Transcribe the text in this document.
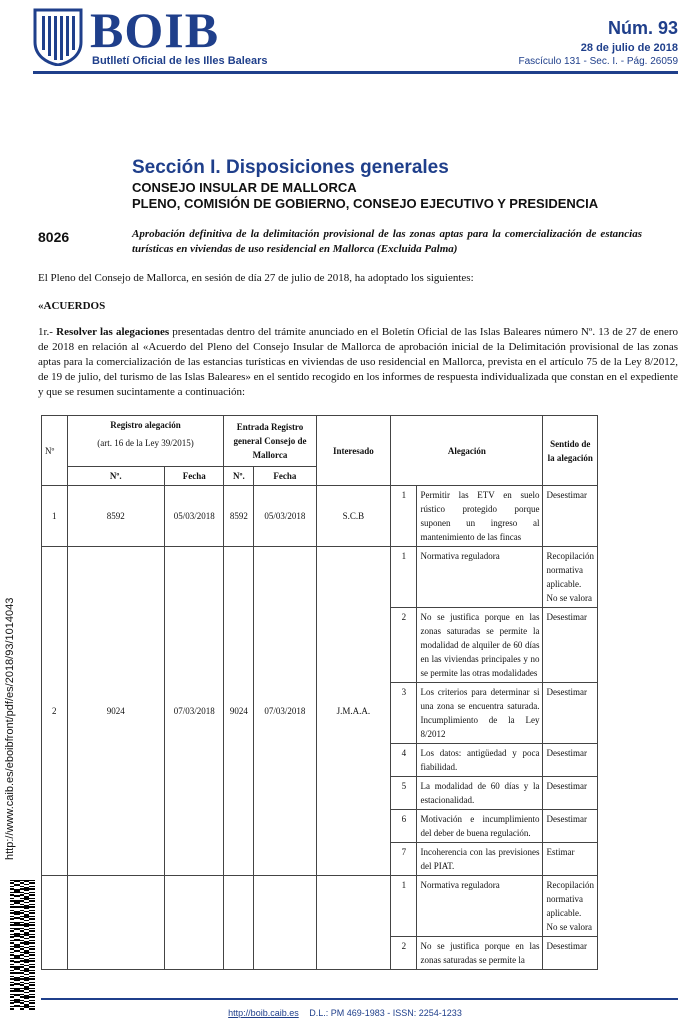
BOIB
Butlletí Oficial de les Illes Balears
Núm. 93
28 de julio de 2018
Fascículo 131 - Sec. I. - Pág. 26059
Sección I. Disposiciones generales
CONSEJO INSULAR DE MALLORCA
PLENO, COMISIÓN DE GOBIERNO, CONSEJO EJECUTIVO Y PRESIDENCIA
8026	Aprobación definitiva de la delimitación provisional de las zonas aptas para la comercialización de estancias turísticas en viviendas de uso residencial en Mallorca (Excluida Palma)
El Pleno del Consejo de Mallorca, en sesión de día 27 de julio de 2018, ha adoptado los siguientes:
«ACUERDOS
1r.- Resolver las alegaciones presentadas dentro del trámite anunciado en el Boletín Oficial de las Islas Baleares número Nº. 13 de 27 de enero de 2018 en relación al «Acuerdo del Pleno del Consejo Insular de Mallorca de aprobación inicial de la Delimitación provisional de las zonas aptas para la comercialización de las estancias turísticas en viviendas de uso residencial en Mallorca, prevista en el artículo 75 de la Ley 8/2012, de 19 de julio, del turismo de las Islas Baleares» en el sentido recogido en los informes de respuesta individualizada que constan en el expediente y que se resumen sucintamente a continuación:
Nº	Registro alegación		Entrada Registro general Consejo de Mallorca		Interesado	Alegación		Sentido de la alegación
	(art. 16 de la Ley 39/2015)							
	Nº.	Fecha	Nº.	Fecha				
1	8592	05/03/2018	8592	05/03/2018	S.C.B	1	Permitir las ETV en suelo rústico protegido porque suponen un ingreso al mantenimiento de las fincas	Desestimar
2	9024	07/03/2018	9024	07/03/2018	J.M.A.A.	1	Normativa reguladora	Recopilación normativa aplicable. No se valora
						2	No se justifica porque en las zonas saturadas se permite la modalidad de alquiler de 60 días en las viviendas principales y no se permite las otras modalidades	Desestimar
						3	Los criterios para determinar si una zona se encuentra saturada. Incumplimiento de la Ley 8/2012	Desestimar
						4	Los datos: antigüedad y poca fiabilidad.	Desestimar
						5	La modalidad de 60 días y la estacionalidad.	Desestimar
						6	Motivación e incumplimiento del deber de buena regulación.	Desestimar
						7	Incoherencia con las previsiones del PIAT.	Estimar
						1	Normativa reguladora	Recopilación normativa aplicable. No se valora
						2	No se justifica porque en las zonas saturadas se permite la	Desestimar
http://www.caib.es/eboibfront/pdf/es/2018/93/1014043
http://boib.caib.es D.L.: PM 469-1983 - ISSN: 2254-1233
